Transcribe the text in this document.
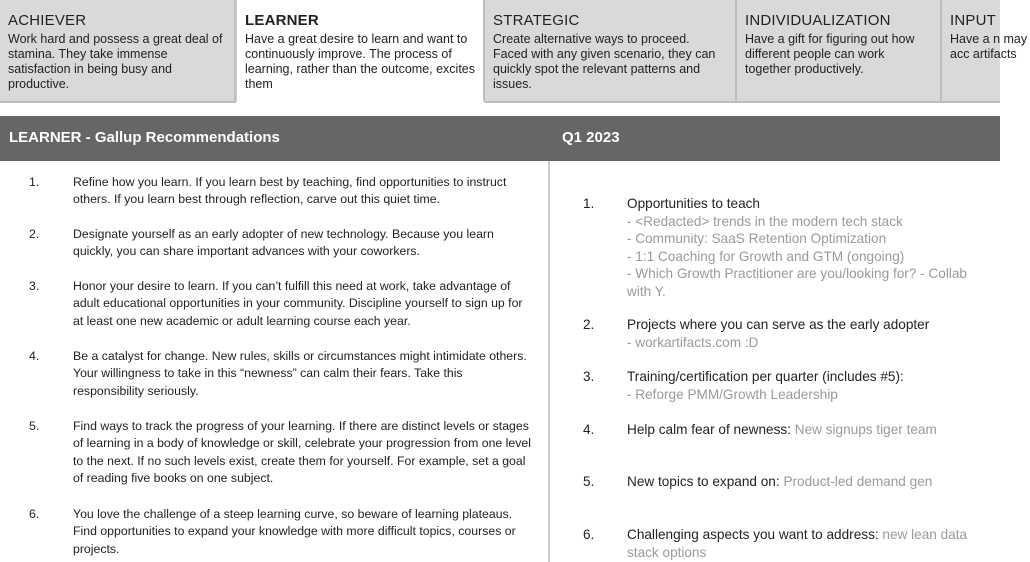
ACHIEVER
Work hard and possess a great deal of stamina. They take immense satisfaction in being busy and productive.
LEARNER
Have a great desire to learn and want to continuously improve. The process of learning, rather than the outcome, excites them
STRATEGIC
Create alternative ways to proceed. Faced with any given scenario, they can quickly spot the relevant patterns and issues.
INDIVIDUALIZATION
Have a gift for figuring out how different people can work together productively.
INPUT
Have a n may acc artifacts
LEARNER - Gallup Recommendations	Q1 2023
1.	Refine how you learn. If you learn best by teaching, find opportunities to instruct others. If you learn best through reflection, carve out this quiet time.
2.	Designate yourself as an early adopter of new technology. Because you learn quickly, you can share important advances with your coworkers.
3.	Honor your desire to learn. If you can’t fulfill this need at work, take advantage of adult educational opportunities in your community. Discipline yourself to sign up for at least one new academic or adult learning course each year.
4.	Be a catalyst for change. New rules, skills or circumstances might intimidate others. Your willingness to take in this “newness” can calm their fears. Take this responsibility seriously.
5.	Find ways to track the progress of your learning. If there are distinct levels or stages of learning in a body of knowledge or skill, celebrate your progression from one level to the next. If no such levels exist, create them for yourself. For example, set a goal of reading five books on one subject.
6.	You love the challenge of a steep learning curve, so beware of learning plateaus. Find opportunities to expand your knowledge with more difficult topics, courses or projects.
1. Opportunities to teach
- <Redacted> trends in the modern tech stack
- Community: SaaS Retention Optimization
- 1:1 Coaching for Growth and GTM (ongoing)
- Which Growth Practitioner are you/looking for? - Collab with Y.
2. Projects where you can serve as the early adopter
- workartifacts.com :D
3. Training/certification per quarter (includes #5):
- Reforge PMM/Growth Leadership
4. Help calm fear of newness: New signups tiger team
5. New topics to expand on: Product-led demand gen
6. Challenging aspects you want to address: new lean data stack options
